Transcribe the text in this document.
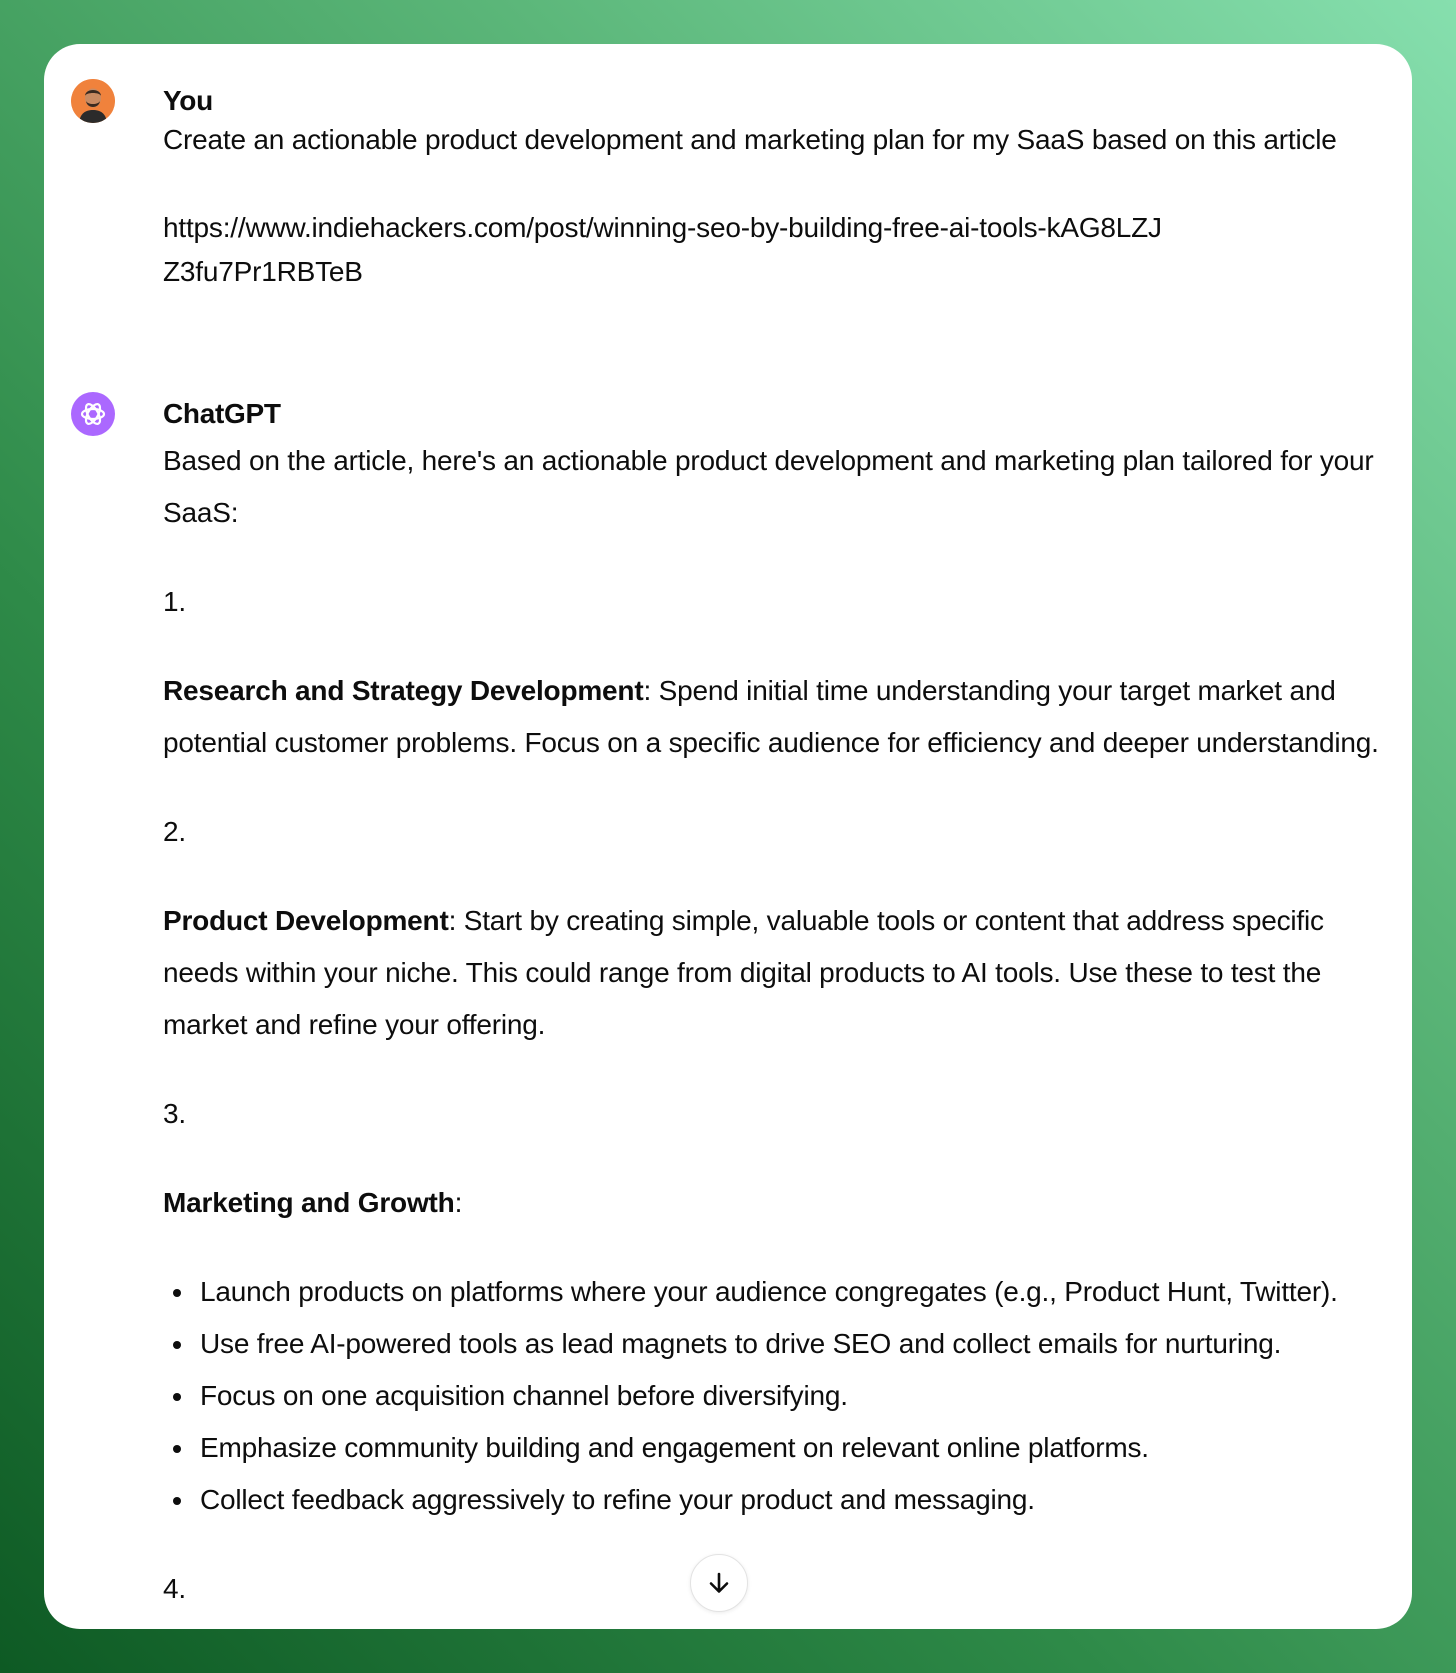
You

Create an actionable product development and marketing plan for my SaaS based on this article

https://www.indiehackers.com/post/winning-seo-by-building-free-ai-tools-kAG8LZJZ3fu7Pr1RBTeB

ChatGPT

Based on the article, here's an actionable product development and marketing plan tailored for your SaaS:

1.

Research and Strategy Development: Spend initial time understanding your target market and potential customer problems. Focus on a specific audience for efficiency and deeper understanding.

2.

Product Development: Start by creating simple, valuable tools or content that address specific needs within your niche. This could range from digital products to AI tools. Use these to test the market and refine your offering.

3.

Marketing and Growth:

Launch products on platforms where your audience congregates (e.g., Product Hunt, Twitter).
Use free AI-powered tools as lead magnets to drive SEO and collect emails for nurturing.
Focus on one acquisition channel before diversifying.
Emphasize community building and engagement on relevant online platforms.
Collect feedback aggressively to refine your product and messaging.

4.
